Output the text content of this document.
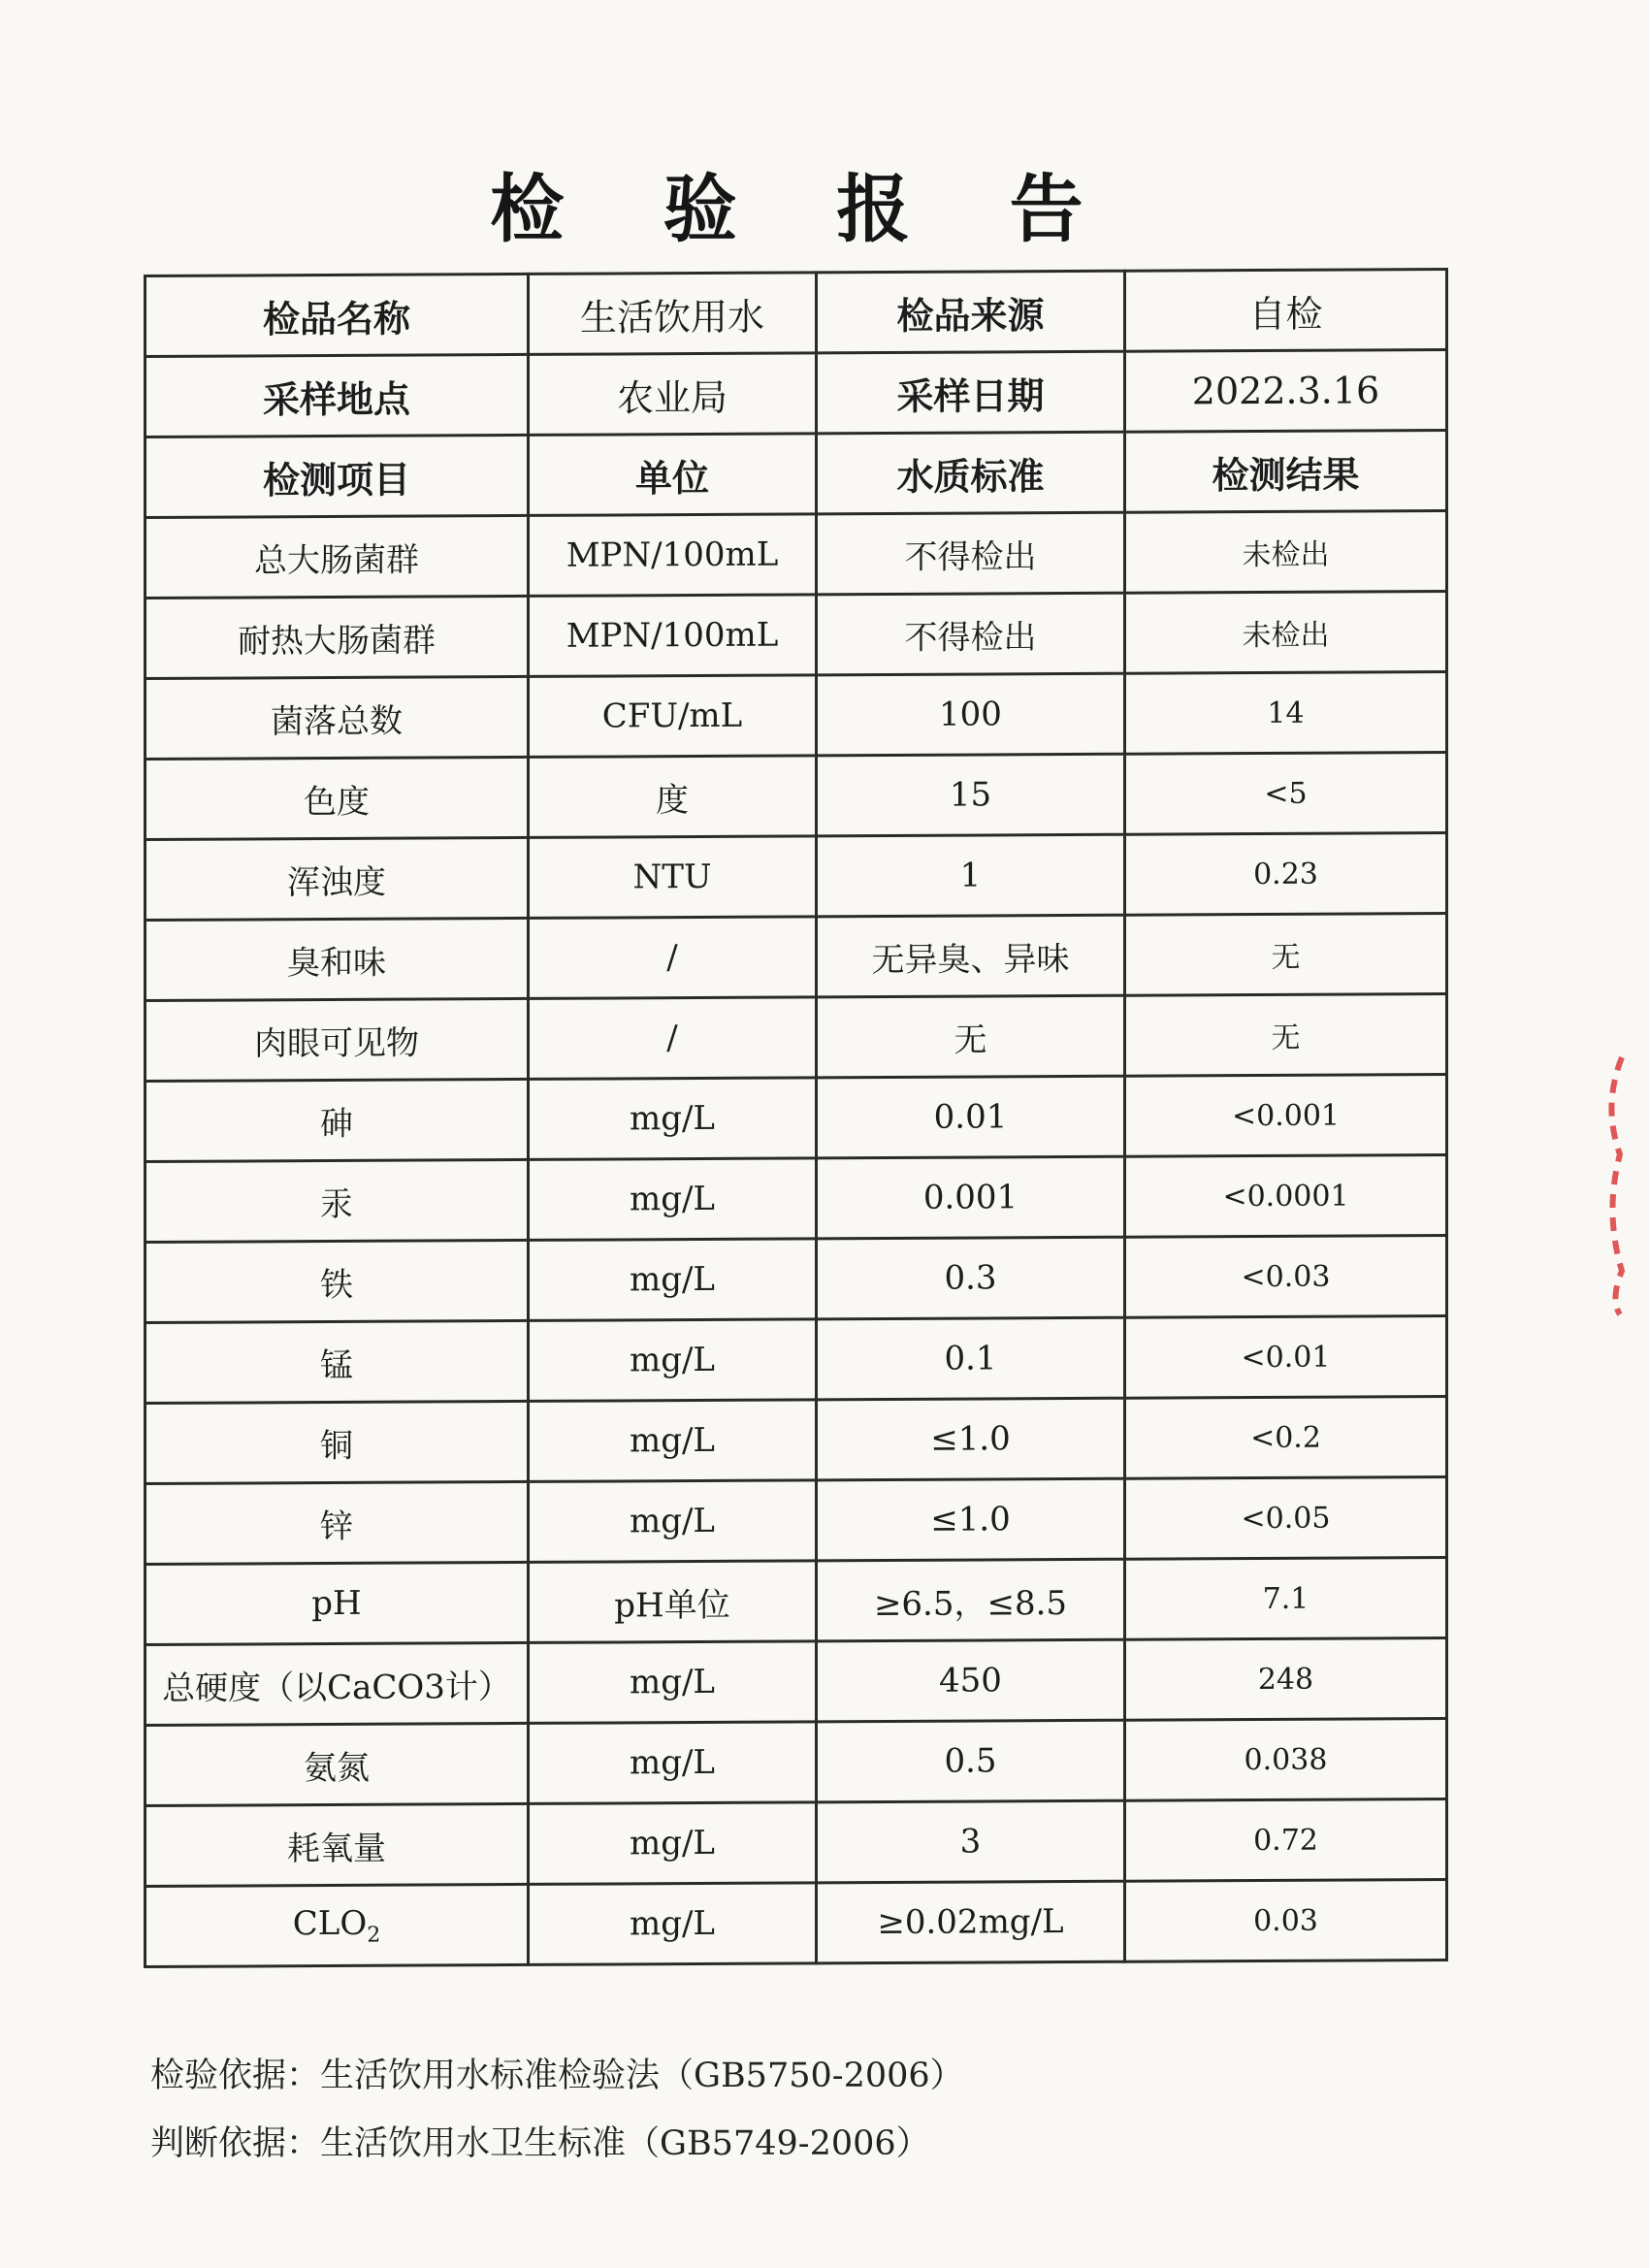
检 验 报 告
检品名称	生活饮用水	检品来源	自检
采样地点	农业局	采样日期	2022.3.16
检测项目	单位	水质标准	检测结果
总大肠菌群	MPN/100mL	不得检出	未检出
耐热大肠菌群	MPN/100mL	不得检出	未检出
菌落总数	CFU/mL	100	14
色度	度	15	<5
浑浊度	NTU	1	0.23
臭和味	/	无异臭、异味	无
肉眼可见物	/	无	无
砷	mg/L	0.01	<0.001
汞	mg/L	0.001	<0.0001
铁	mg/L	0.3	<0.03
锰	mg/L	0.1	<0.01
铜	mg/L	≤1.0	<0.2
锌	mg/L	≤1.0	<0.05
pH	pH单位	≥6.5，≤8.5	7.1
总硬度（以CaCO3计）	mg/L	450	248
氨氮	mg/L	0.5	0.038
耗氧量	mg/L	3	0.72
$CLO_2$	mg/L	≥0.02mg/L	0.03
检验依据：生活饮用水标准检验法（GB5750-2006）
判断依据：生活饮用水卫生标准（GB5749-2006）
